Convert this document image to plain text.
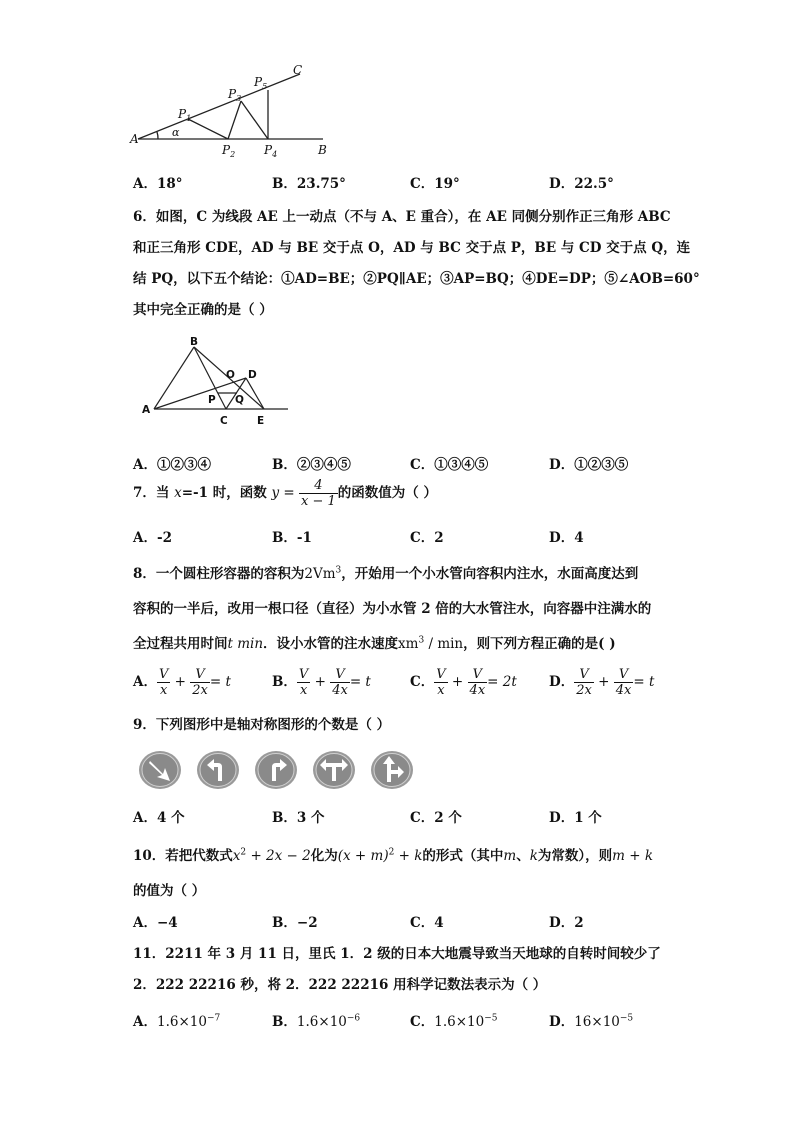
A	α
B
C
$P_1$
$P_2$
$P_3$
$P_4$
$P_5$
A．18°	B．23.75°	C．19°	D．22.5°
6．如图，C 为线段 AE 上一动点（不与 A、E 重合），在 AE 同侧分别作正三角形 ABC
和正三角形 CDE，AD 与 BE 交于点 O，AD 与 BC 交于点 P，BE 与 CD 交于点 Q，连
结 PQ，以下五个结论：①AD=BE；②PQ∥AE；③AP=BQ；④DE=DP；⑤∠AOB=60°
其中完全正确的是（ ）
A
B
C
D
E
O
P Q
A．①②③④	B．②③④⑤	C．①③④⑤	D．①②③⑤
7．当 x=-1 时，函数 $y = \frac{4}{x - 1}$ 的函数值为（ ）
A．-2	B．-1	C．2	D．4
8．一个圆柱形容器的容积为2Vm$^3$，开始用一个小水管向容积内注水，水面高度达到
容积的一半后，改用一根口径（直径）为小水管 2 倍的大水管注水，向容器中注满水的
全过程共用时间t min．设小水管的注水速度$xm^3$ / min，则下列方程正确的是( )
A． $\frac{V}{x} + \frac{V}{2x} = t$	B． $\frac{V}{x} + \frac{V}{4x} = t$	C． $\frac{V}{x} + \frac{V}{4x} = 2t$ D． $\frac{V}{2x} + \frac{V}{4x} = t$
9．下列图形中是轴对称图形的个数是（ ）
A．4 个	B．3 个	C．2 个	D．1 个
10．若把代数式$x^2 + 2x - 2$化为$(x + m)^2 + k$的形式（其中m、k为常数），则m + k
的值为（ ）
A．−4	B．−2	C．4	D．2
11．2211 年 3 月 11 日，里氏 1．2 级的日本大地震导致当天地球的自转时间较少了
2．222 22216 秒，将 2．222 22216 用科学记数法表示为（ ）
A．$1.6\times 10^{-7}$	B．$1.6\times 10^{-6}$	C．$1.6\times 10^{-5}$	D．$16\times 10^{-5}$
